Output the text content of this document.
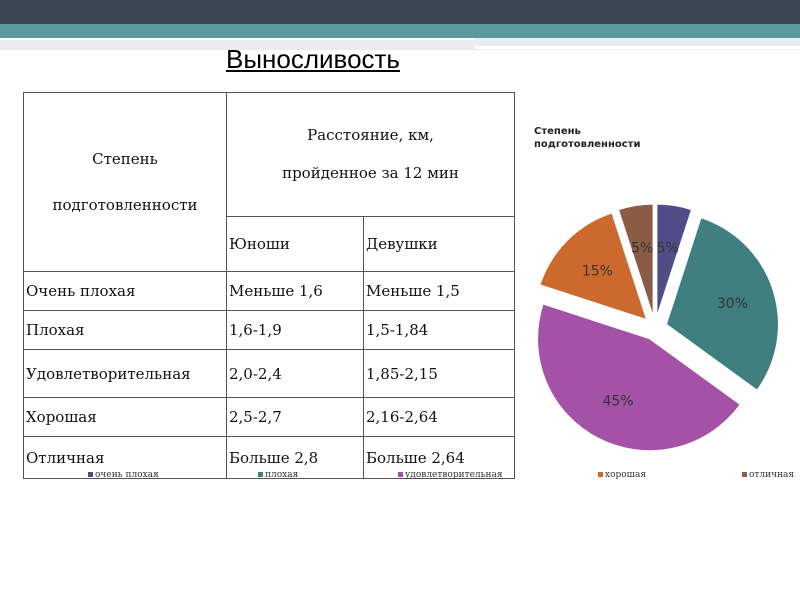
Выносливость
Степень
подготовленности	Расстояние, км,
пройденное за 12 мин	
	Юноши	Девушки
Очень плохая	Меньше 1,6	Меньше 1,5
Плохая	1,6-1,9	1,5-1,84
Удовлетворительная	2,0-2,4	1,85-2,15
Хорошая	2,5-2,7	2,16-2,64
Отличная	Больше 2,8	Больше 2,64
Степень
подготовленности
5%
30%
45%
15%
5%
очень плохая	плохая	удовлетворительная	хорошая	отличная
